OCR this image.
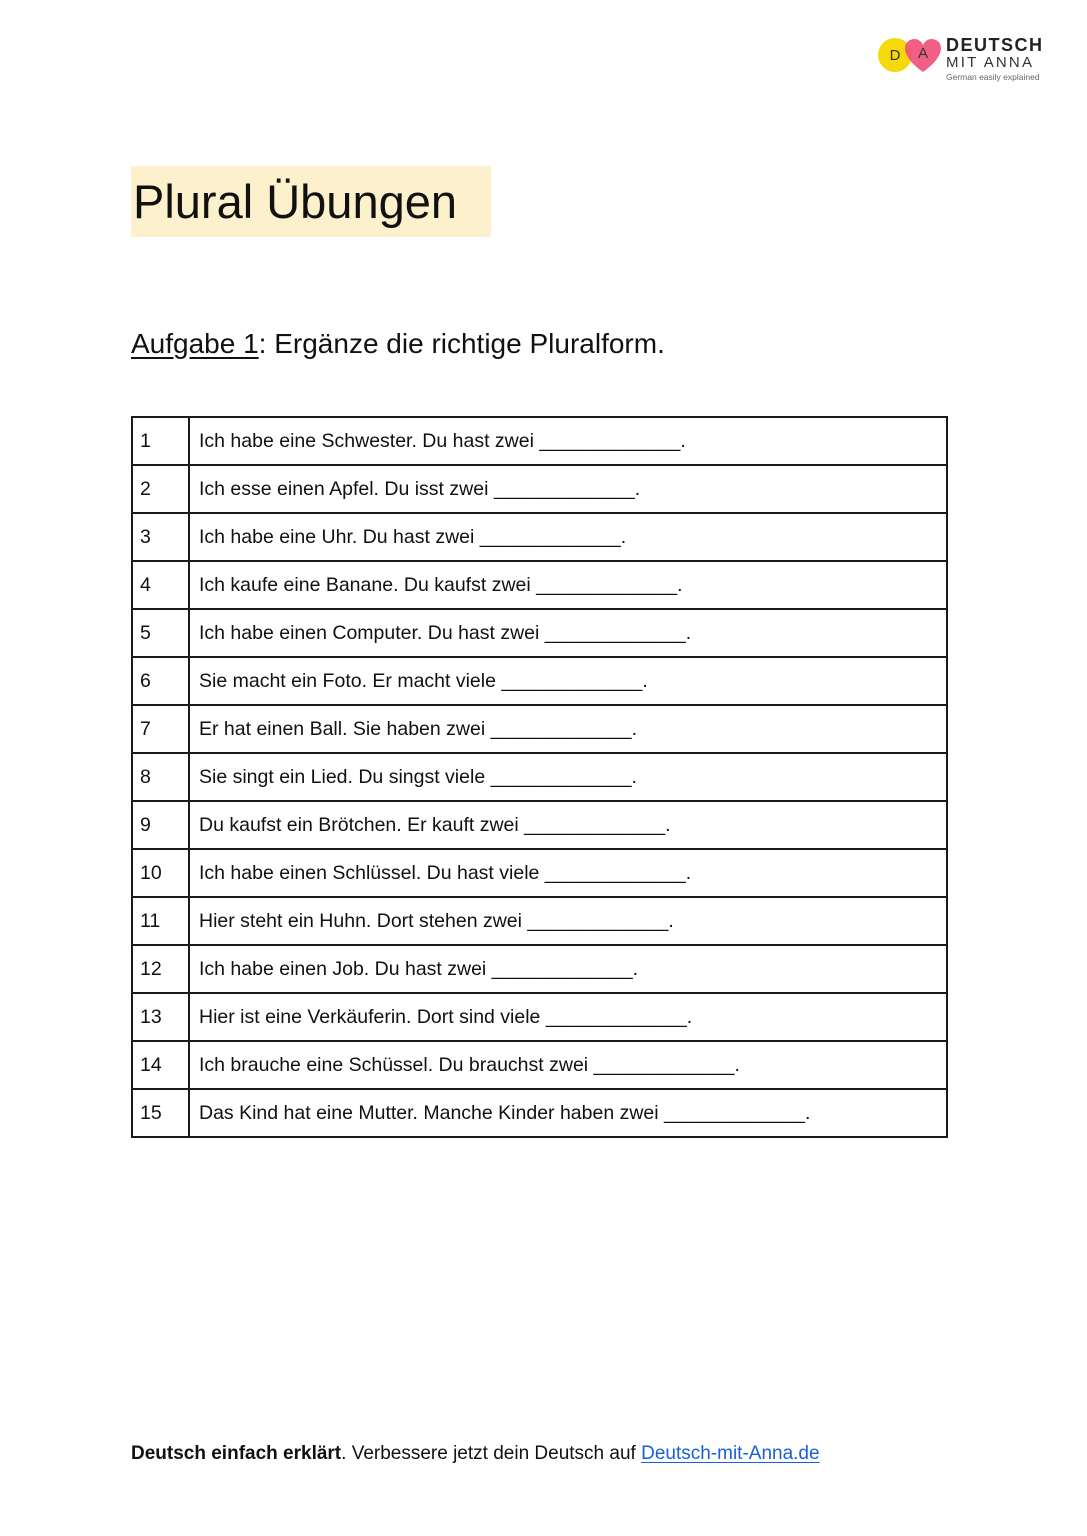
D	A	DEUTSCH
MIT ANNA
German easily explained
Plural Übungen
Aufgabe 1: Ergänze die richtige Pluralform.
1	Ich habe eine Schwester. Du hast zwei _____________.
2	Ich esse einen Apfel. Du isst zwei _____________.
3	Ich habe eine Uhr. Du hast zwei _____________.
4	Ich kaufe eine Banane. Du kaufst zwei _____________.
5	Ich habe einen Computer. Du hast zwei _____________.
6	Sie macht ein Foto. Er macht viele _____________.
7	Er hat einen Ball. Sie haben zwei _____________.
8	Sie singt ein Lied. Du singst viele _____________.
9	Du kaufst ein Brötchen. Er kauft zwei _____________.
10	Ich habe einen Schlüssel. Du hast viele _____________.
11	Hier steht ein Huhn. Dort stehen zwei _____________.
12	Ich habe einen Job. Du hast zwei _____________.
13	Hier ist eine Verkäuferin. Dort sind viele _____________.
14	Ich brauche eine Schüssel. Du brauchst zwei _____________.
15	Das Kind hat eine Mutter. Manche Kinder haben zwei _____________.
Deutsch einfach erklärt. Verbessere jetzt dein Deutsch auf Deutsch-mit-Anna.de
